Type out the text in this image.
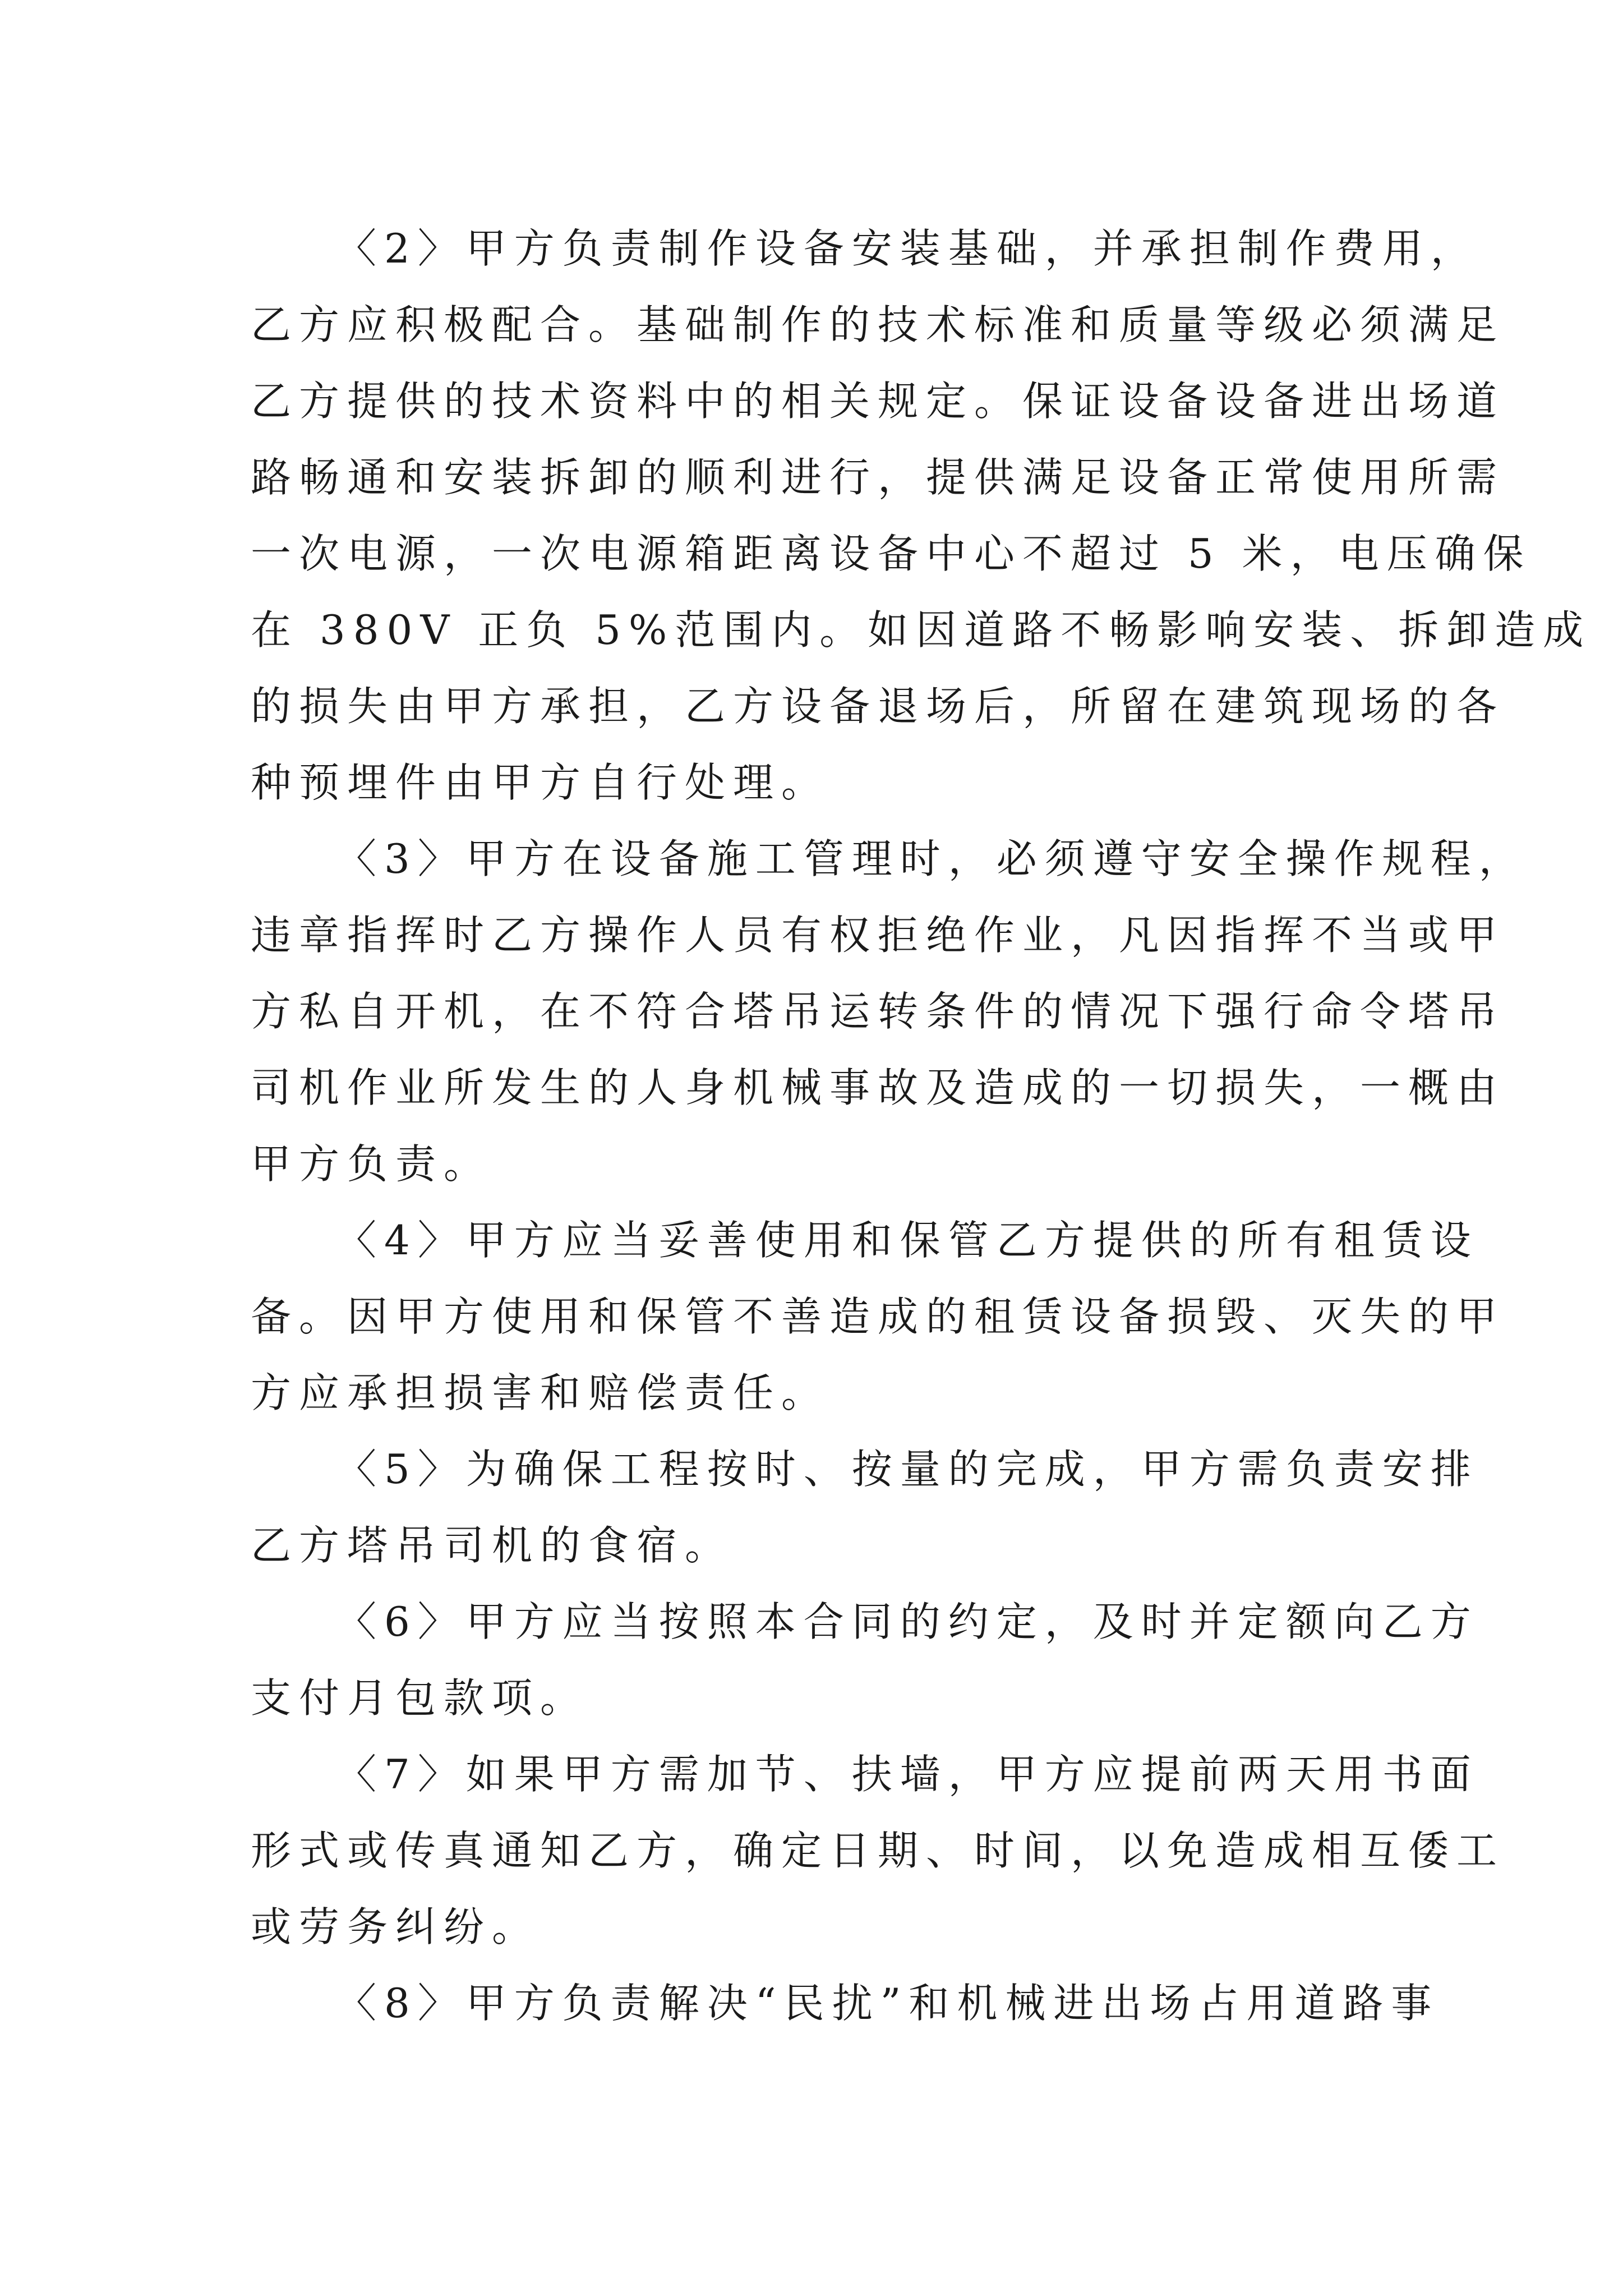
〈2〉甲方负责制作设备安装基础，并承担制作费用，
乙方应积极配合。基础制作的技术标准和质量等级必须满足
乙方提供的技术资料中的相关规定。保证设备设备进出场道
路畅通和安装拆卸的顺利进行，提供满足设备正常使用所需
一次电源，一次电源箱距离设备中心不超过 5 米，电压确保
在 380V 正负 5%范围内。如因道路不畅影响安装、拆卸造成
的损失由甲方承担，乙方设备退场后，所留在建筑现场的各
种预埋件由甲方自行处理。
〈3〉甲方在设备施工管理时，必须遵守安全操作规程，
违章指挥时乙方操作人员有权拒绝作业，凡因指挥不当或甲
方私自开机，在不符合塔吊运转条件的情况下强行命令塔吊
司机作业所发生的人身机械事故及造成的一切损失，一概由
甲方负责。
〈4〉甲方应当妥善使用和保管乙方提供的所有租赁设
备。因甲方使用和保管不善造成的租赁设备损毁、灭失的甲
方应承担损害和赔偿责任。
〈5〉为确保工程按时、按量的完成，甲方需负责安排
乙方塔吊司机的食宿。
〈6〉甲方应当按照本合同的约定，及时并定额向乙方
支付月包款项。
〈7〉如果甲方需加节、扶墙，甲方应提前两天用书面
形式或传真通知乙方，确定日期、时间，以免造成相互倭工
或劳务纠纷。
〈8〉甲方负责解决“民扰”和机械进出场占用道路事
